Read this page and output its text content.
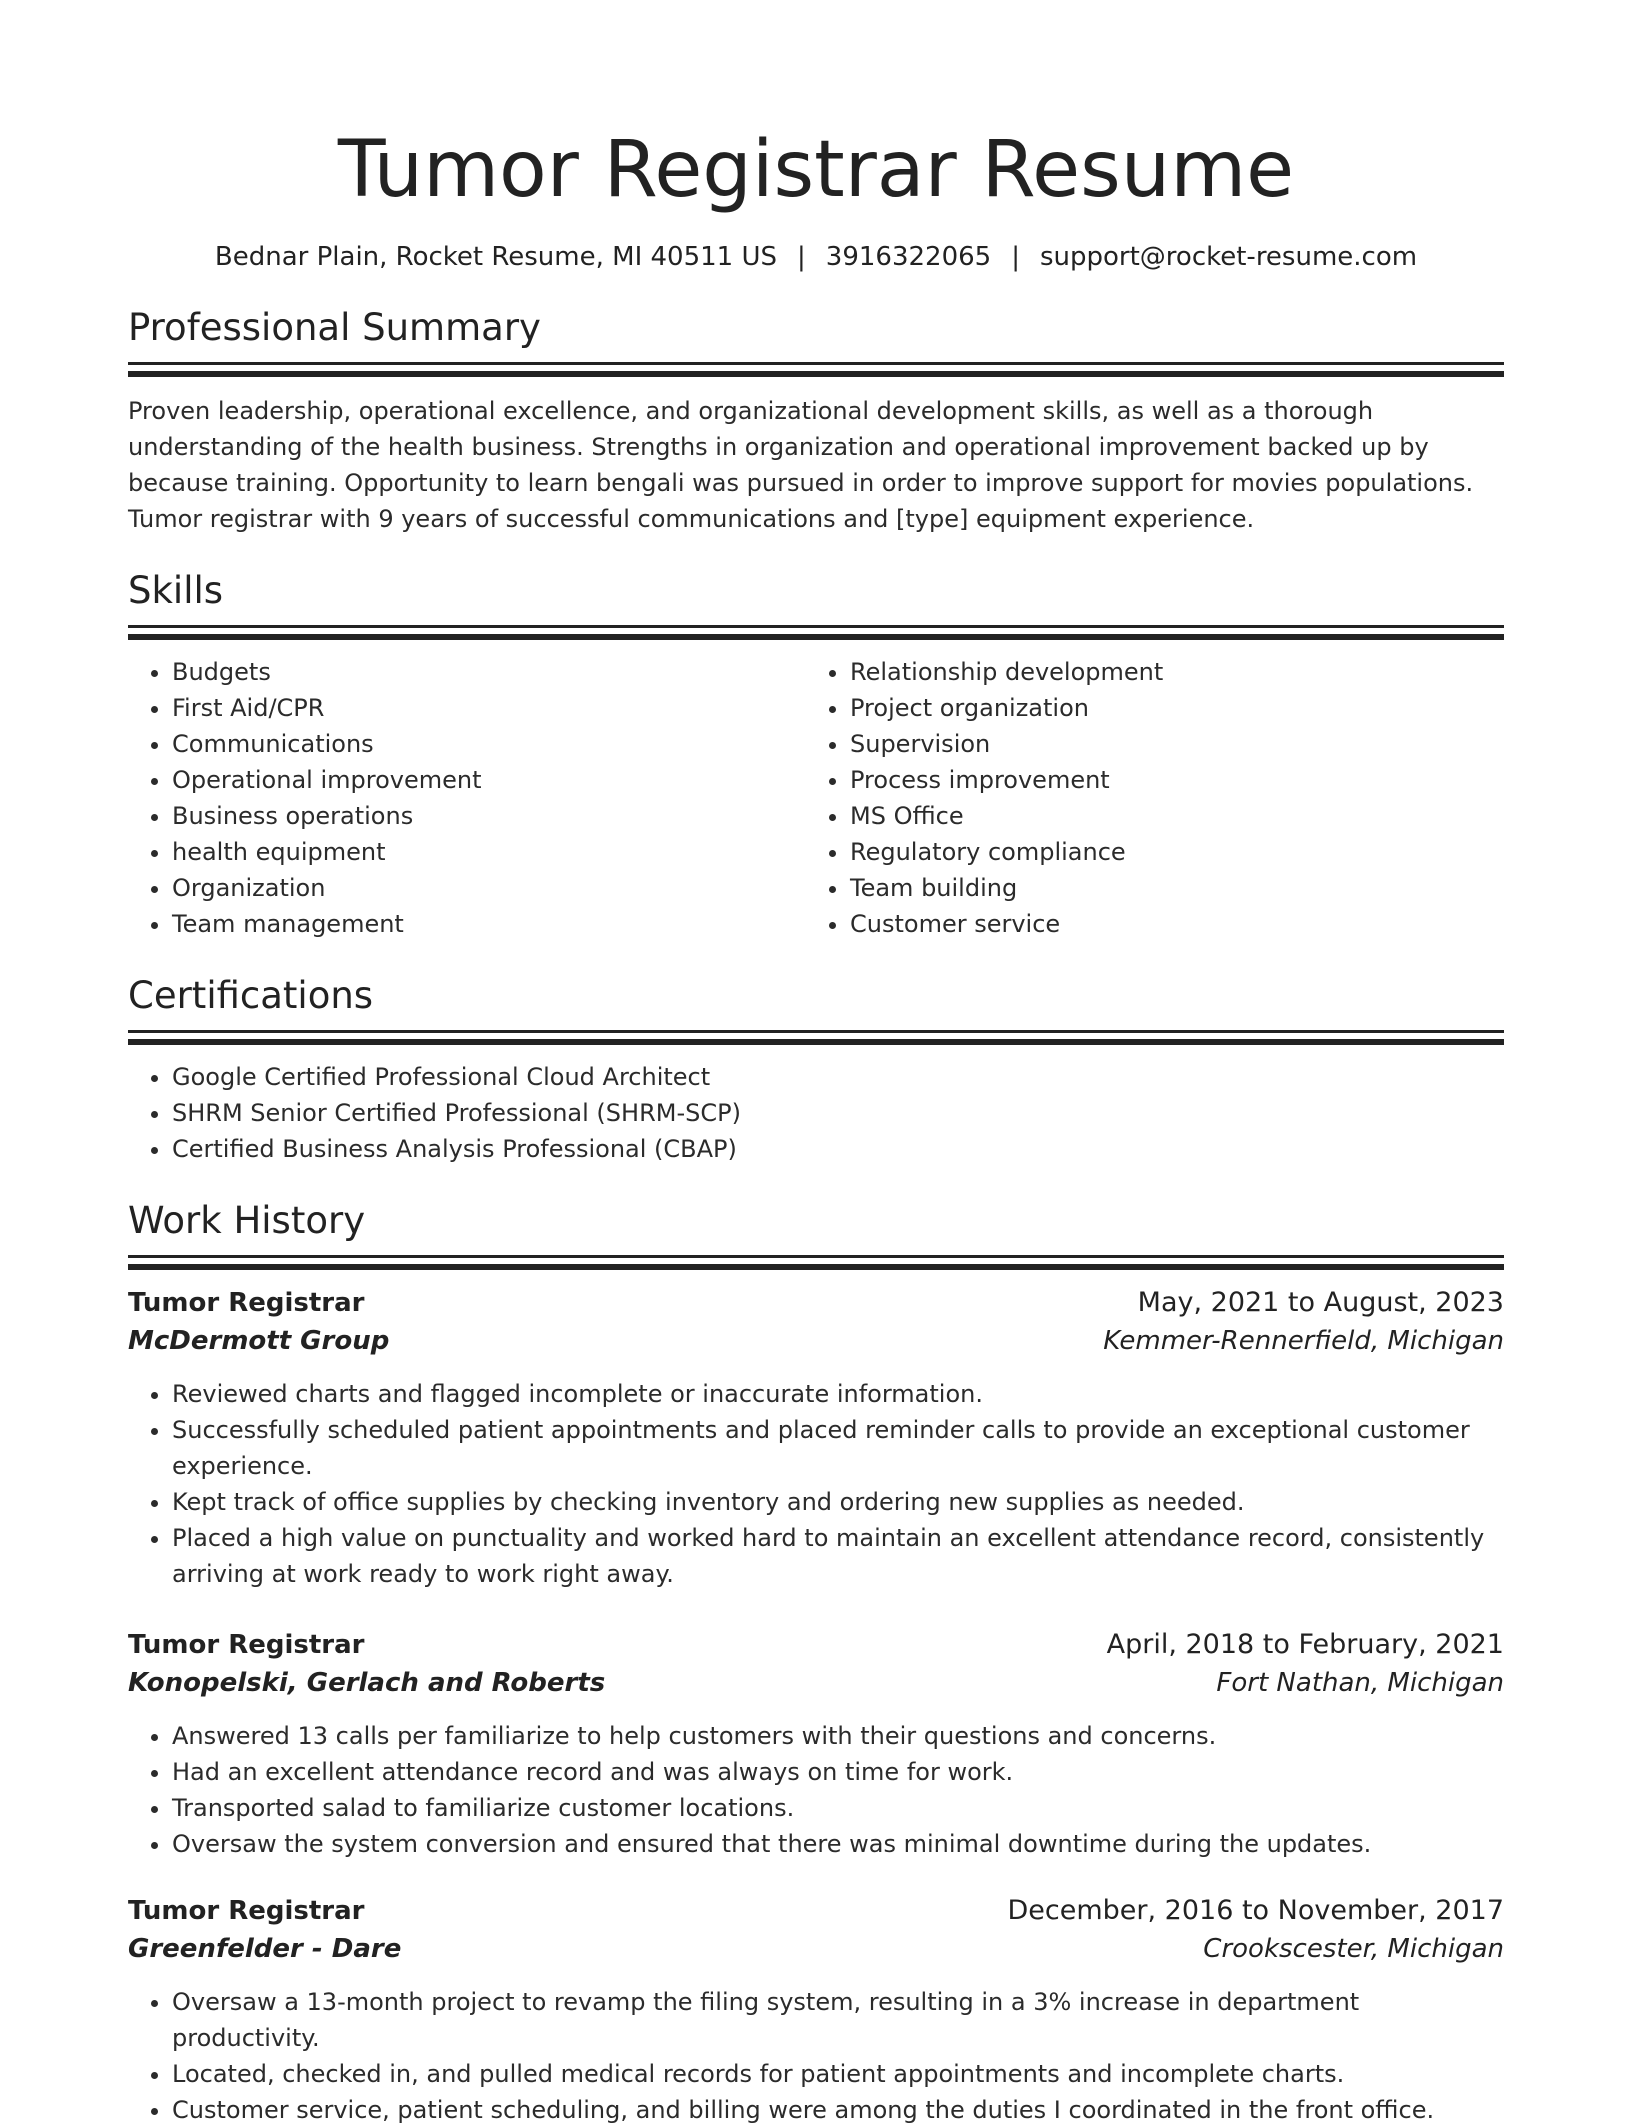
Tumor Registrar Resume
Bednar Plain, Rocket Resume, MI 40511 US | 3916322065 | support@rocket-resume.com
Professional Summary
Proven leadership, operational excellence, and organizational development skills, as well as a thorough understanding of the health business. Strengths in organization and operational improvement backed up by because training. Opportunity to learn bengali was pursued in order to improve support for movies populations. Tumor registrar with 9 years of successful communications and [type] equipment experience.
Skills
• Budgets
• First Aid/CPR
• Communications
• Operational improvement
• Business operations
• health equipment
• Organization
• Team management
• Relationship development
• Project organization
• Supervision
• Process improvement
• MS Office
• Regulatory compliance
• Team building
• Customer service
Certifications
• Google Certified Professional Cloud Architect
• SHRM Senior Certified Professional (SHRM-SCP)
• Certified Business Analysis Professional (CBAP)
Work History
Tumor Registrar	May, 2021 to August, 2023
McDermott Group	Kemmer-Rennerfield, Michigan
• Reviewed charts and flagged incomplete or inaccurate information.
• Successfully scheduled patient appointments and placed reminder calls to provide an exceptional customer experience.
• Kept track of office supplies by checking inventory and ordering new supplies as needed.
• Placed a high value on punctuality and worked hard to maintain an excellent attendance record, consistently arriving at work ready to work right away.
Tumor Registrar	April, 2018 to February, 2021
Konopelski, Gerlach and Roberts	Fort Nathan, Michigan
• Answered 13 calls per familiarize to help customers with their questions and concerns.
• Had an excellent attendance record and was always on time for work.
• Transported salad to familiarize customer locations.
• Oversaw the system conversion and ensured that there was minimal downtime during the updates.
Tumor Registrar	December, 2016 to November, 2017
Greenfelder - Dare	Crookscester, Michigan
• Oversaw a 13-month project to revamp the filing system, resulting in a 3% increase in department productivity.
• Located, checked in, and pulled medical records for patient appointments and incomplete charts.
• Customer service, patient scheduling, and billing were among the duties I coordinated in the front office.
